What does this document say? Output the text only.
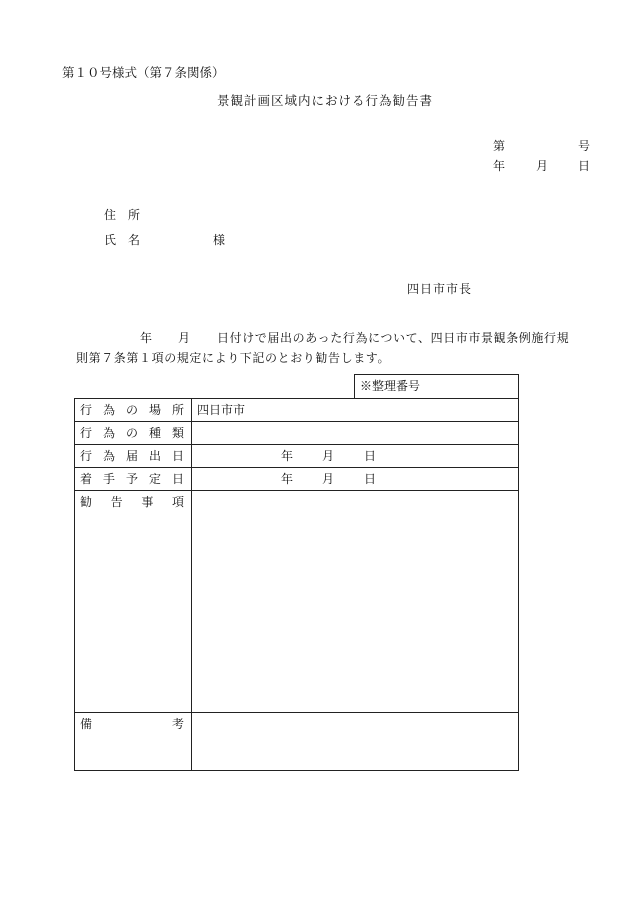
第１０号様式（第７条関係）
景観計画区域内における行為勧告書
第	号
年	月 日
住　所
氏　名	様
四日市市長
年 月 日付けで届出のあった行為について、四日市市景観条例施行規
則第７条第１項の規定により下記のとおり勧告します。
※整理番号
行 為 の 場 所 四日市市
行 為 の 種 類
行 為 届 出 日	年 月 日
着 手 予 定 日	年 月 日
勧 告 事 項
備	考
